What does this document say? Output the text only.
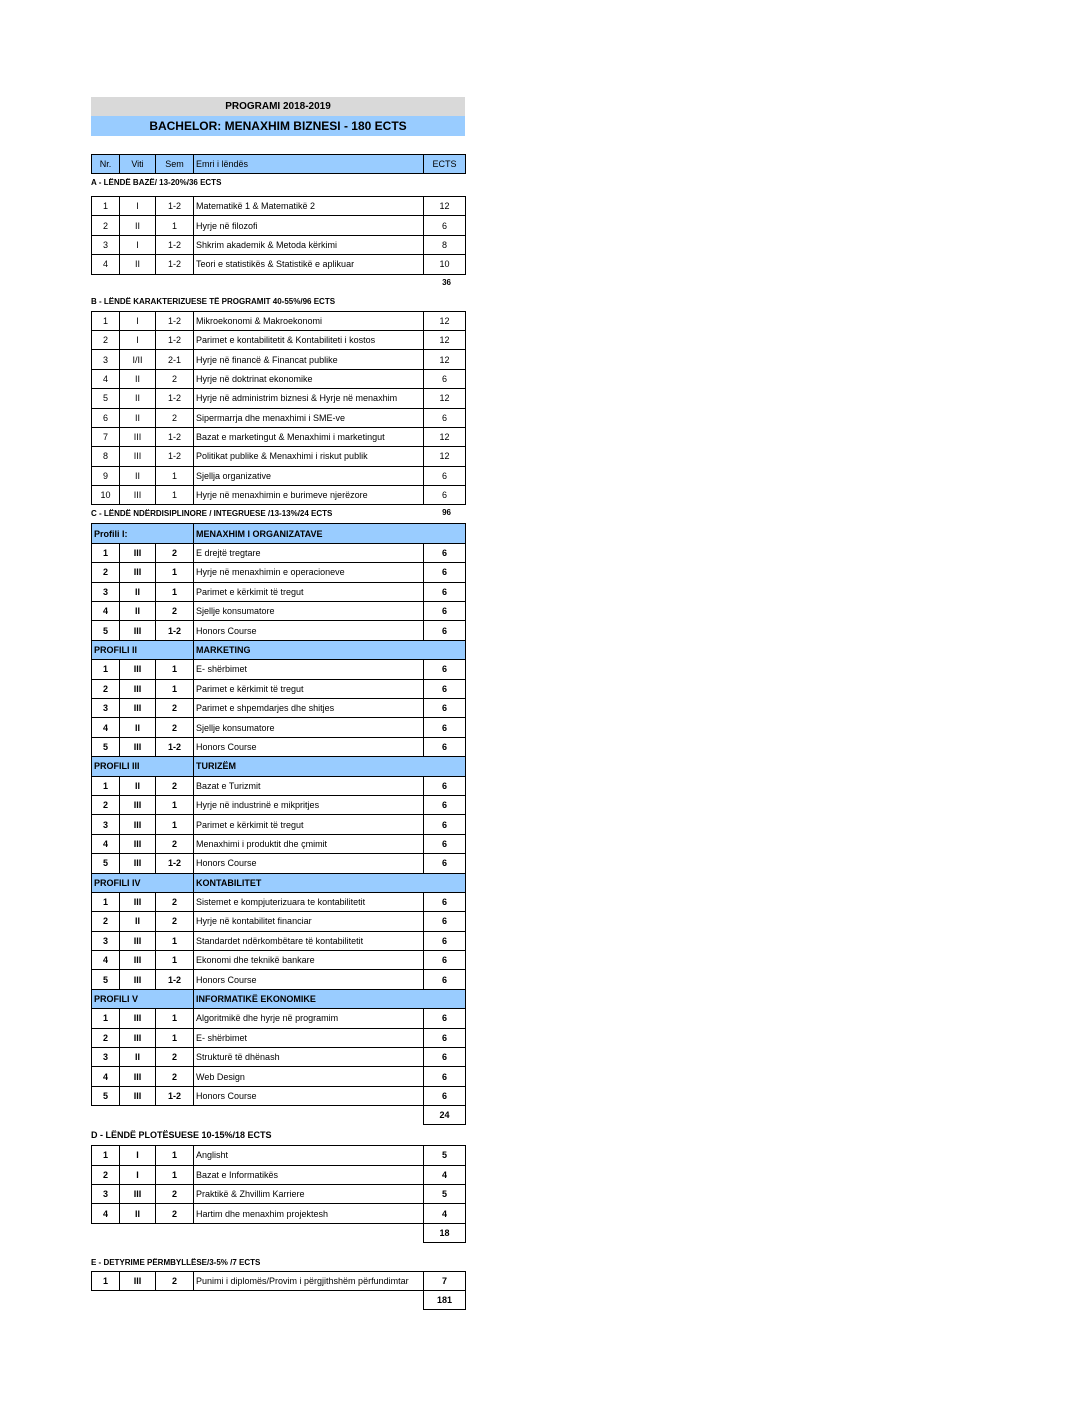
PROGRAMI 2018-2019
BACHELOR: MENAXHIM BIZNESI - 180 ECTS
Nr.	Viti	Sem	Emri i lëndës	ECTS
A - LËNDË BAZË/ 13-20%/36 ECTS
1	I	1-2	Matematikë 1 & Matematikë 2	12
2	II	1	Hyrje në filozofi	6
3	I	1-2	Shkrim akademik & Metoda kërkimi	8
4	II	1-2	Teori e statistikës & Statistikë e aplikuar	10
36
B - LËNDË KARAKTERIZUESE TË PROGRAMIT 40-55%/96 ECTS
1	I	1-2	Mikroekonomi & Makroekonomi	12
2	I	1-2	Parimet e kontabilitetit & Kontabiliteti i kostos	12
3	I/II	2-1	Hyrje në financë & Financat publike	12
4	II	2	Hyrje në doktrinat ekonomike	6
5	II	1-2	Hyrje në administrim biznesi & Hyrje në menaxhim	12
6	II	2	Sipermarrja dhe menaxhimi i SME-ve	6
7	III	1-2	Bazat e marketingut & Menaxhimi i marketingut	12
8	III	1-2	Politikat publike & Menaxhimi i riskut publik	12
9	II	1	Sjellja organizative	6
10	III	1	Hyrje në menaxhimin e burimeve njerëzore	6
C - LËNDË NDËRDISIPLINORE / INTEGRUESE /13-13%/24 ECTS	96
Profili I:			MENAXHIM I ORGANIZATAVE	
1	III	2	E drejtë tregtare	6
2	III	1	Hyrje në menaxhimin e operacioneve	6
3	II	1	Parimet e kërkimit të tregut	6
4	II	2	Sjellje konsumatore	6
5	III	1-2	Honors Course	6
PROFILI II			MARKETING	
1	III	1	E- shërbimet	6
2	III	1	Parimet e kërkimit të tregut	6
3	III	2	Parimet e shpemdarjes dhe shitjes	6
4	II	2	Sjellje konsumatore	6
5	III	1-2	Honors Course	6
PROFILI III			TURIZËM	
1	II	2	Bazat e Turizmit	6
2	III	1	Hyrje në industrinë e mikpritjes	6
3	III	1	Parimet e kërkimit të tregut	6
4	III	2	Menaxhimi i produktit dhe çmimit	6
5	III	1-2	Honors Course	6
PROFILI IV			KONTABILITET	
1	III	2	Sistemet e kompjuterizuara te kontabilitetit	6
2	II	2	Hyrje në kontabilitet financiar	6
3	III	1	Standardet ndërkombëtare të kontabilitetit	6
4	III	1	Ekonomi dhe teknikë bankare	6
5	III	1-2	Honors Course	6
PROFILI V			INFORMATIKË EKONOMIKE	
1	III	1	Algoritmikë dhe hyrje në programim	6
2	III	1	E- shërbimet	6
3	II	2	Strukturë të dhënash	6
4	III	2	Web Design	6
5	III	1-2	Honors Course	6
				24
D - LËNDË PLOTËSUESE 10-15%/18 ECTS
1	I	1	Anglisht	5
2	I	1	Bazat e Informatikës	4
3	III	2	Praktikë & Zhvillim Karriere	5
4	II	2	Hartim dhe menaxhim projektesh	4
				18
E - DETYRIME PËRMBYLLËSE/3-5% /7 ECTS
1	III	2	Punimi i diplomës/Provim i përgjithshëm përfundimtar	7
				181
